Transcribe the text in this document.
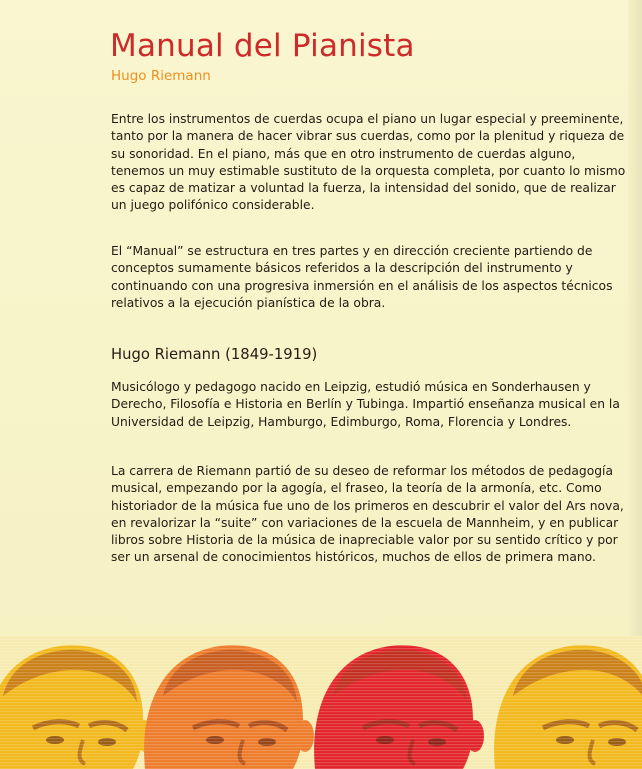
Manual del Pianista
Hugo Riemann

Entre los instrumentos de cuerdas ocupa el piano un lugar especial y preeminente, tanto por la manera de hacer vibrar sus cuerdas, como por la plenitud y riqueza de su sonoridad. En el piano, más que en otro instrumento de cuerdas alguno, tenemos un muy estimable sustituto de la orquesta completa, por cuanto lo mismo es capaz de matizar a voluntad la fuerza, la intensidad del sonido, que de realizar un juego polifónico considerable.

El “Manual” se estructura en tres partes y en dirección creciente partiendo de conceptos sumamente básicos referidos a la descripción del instrumento y continuando con una progresiva inmersión en el análisis de los aspectos técnicos relativos a la ejecución pianística de la obra.

Hugo Riemann (1849-1919)

Musicólogo y pedagogo nacido en Leipzig, estudió música en Sonderhausen y Derecho, Filosofía e Historia en Berlín y Tubinga. Impartió enseñanza musical en la Universidad de Leipzig, Hamburgo, Edimburgo, Roma, Florencia y Londres.

La carrera de Riemann partió de su deseo de reformar los métodos de pedagogía musical, empezando por la agogía, el fraseo, la teoría de la armonía, etc. Como historiador de la música fue uno de los primeros en descubrir el valor del Ars nova, en revalorizar la “suite” con variaciones de la escuela de Mannheim, y en publicar libros sobre Historia de la música de inapreciable valor por su sentido crítico y por ser un arsenal de conocimientos históricos, muchos de ellos de primera mano.
